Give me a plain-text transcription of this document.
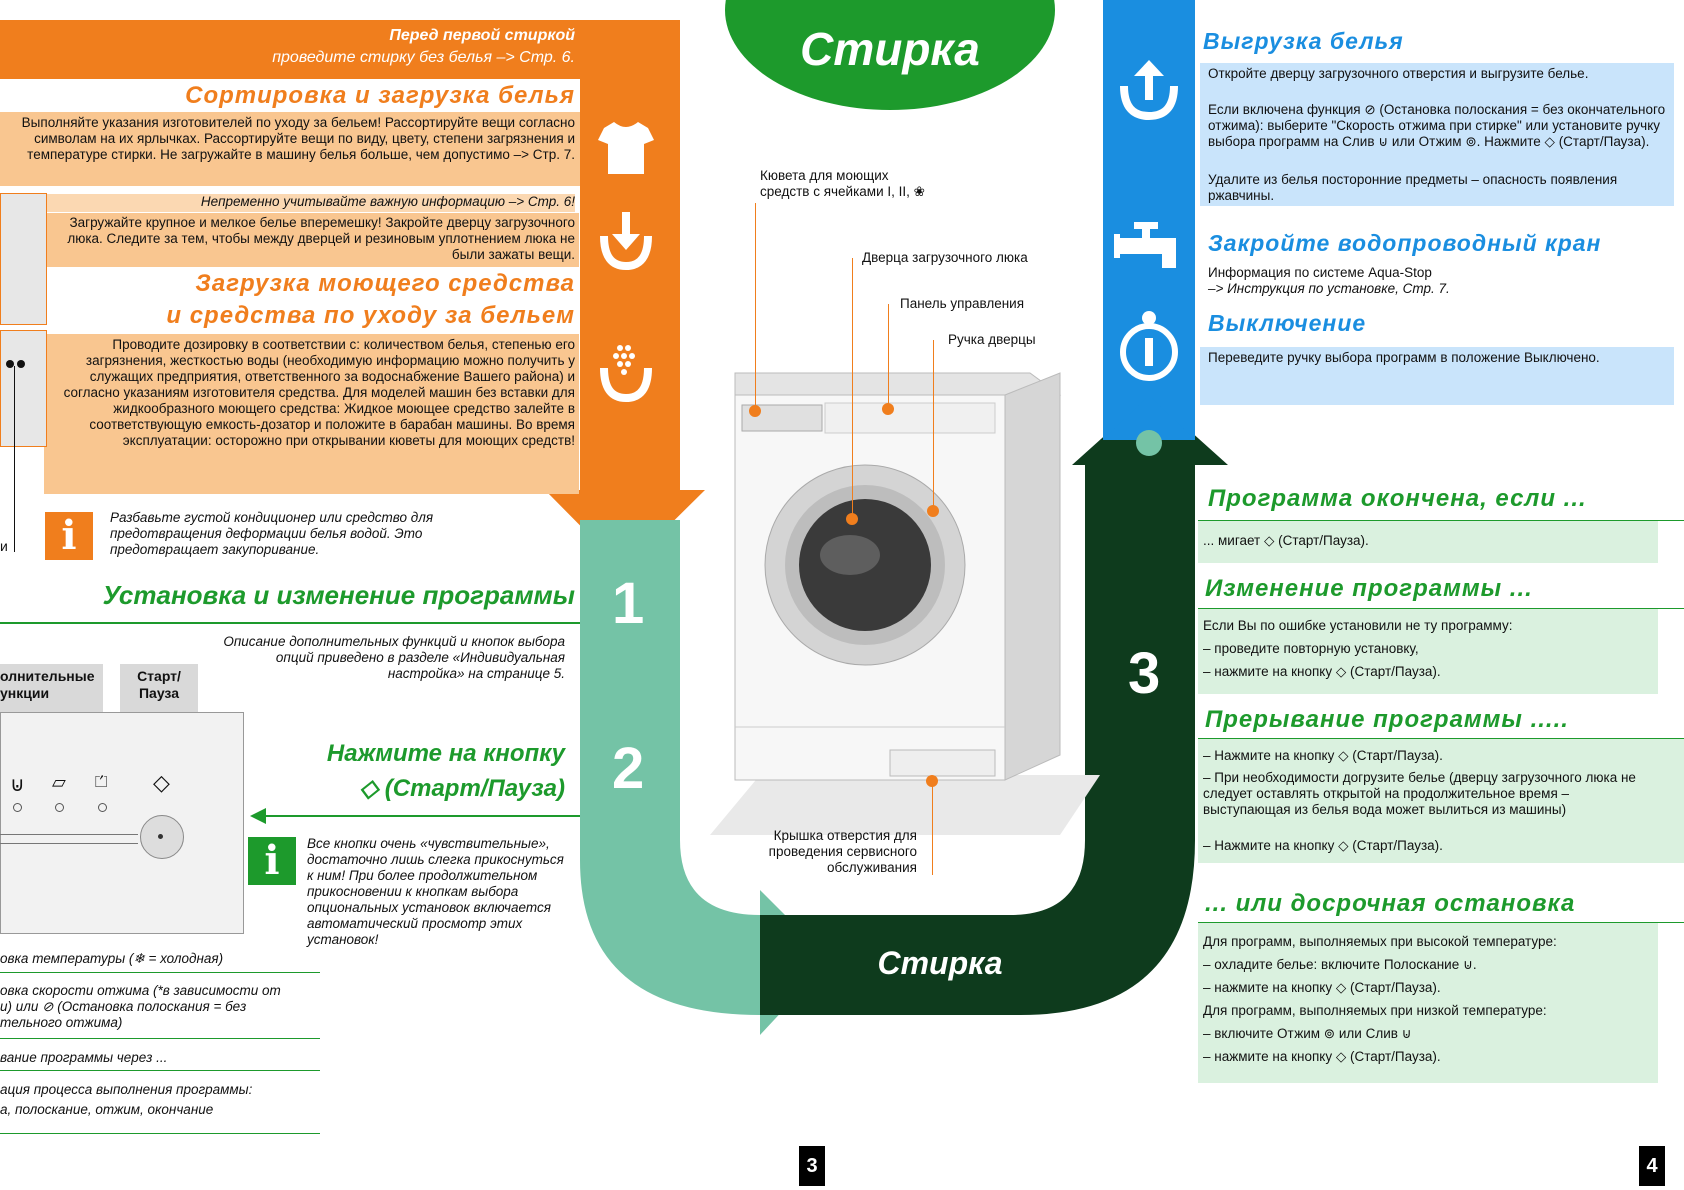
Перед первой стиркой
проведите стирку без белья –> Стр. 6.
Сортировка и загрузка белья
Выполняйте указания изготовителей по уходу за бельем! Рассортируйте вещи согласно символам на их ярлычках. Рассортируйте вещи по виду, цвету, степени загрязнения и температуре стирки. Не загружайте в машину белья больше, чем допустимо –> Стр. 7.
Непременно учитывайте важную информацию –> Стр. 6!
Загружайте крупное и мелкое белье вперемешку! Закройте дверцу загрузочного люка. Следите за тем, чтобы между дверцей и резиновым уплотнением люка не были зажаты вещи.
Загрузка моющего средства
и средства по уходу за бельем
Проводите дозировку в соответствии с: количеством белья, степенью его загрязнения, жесткостью воды (необходимую информацию можно получить у служащих предприятия, ответственного за водоснабжение Вашего района) и согласно указаниям изготовителя средства. Для моделей машин без вставки для жидкообразного моющего средства: Жидкое моющее средство залейте в соответствующую емкость-дозатор и положите в барабан машины. Во время эксплуатации: осторожно при открывании кюветы для моющих средств!
и	i	Разбавьте густой кондиционер или средство для предотвращения деформации белья водой. Это предотвращает закупоривание.
Установка и изменение программы
Описание дополнительных функций и кнопок выбора опций приведено в разделе «Индивидуальная настройка» на странице 5.
олнительные
ункции
Старт/
Пауза
⊍ ▱ ⏍ ◇
Нажмите на кнопку
◇ (Старт/Пауза)
i	Все кнопки очень «чувствительные», достаточно лишь слегка прикоснуться к ним! При более продолжительном прикосновении к кнопкам выбора опциональных установок включается автоматический просмотр этих установок!
овка температуры (❄ = холодная)
овка скорости отжима (*в зависимости от
и) или ⊘ (Остановка полоскания = без
тельного отжима)
вание программы через ...
ация процесса выполнения программы:
а, полоскание, отжим, окончание
1
2
3
Стирка
Стирка
Кювета для моющих
средств с ячейками I, II, ❀
Дверца загрузочного люка
Панель управления
Ручка дверцы
Крышка отверстия для
проведения сервисного
обслуживания
3	4
Выгрузка белья
Откройте дверцу загрузочного отверстия и выгрузите белье.
Если включена функция ⊘ (Остановка полоскания = без окончательного отжима): выберите "Скорость отжима при стирке" или установите ручку выбора программ на Слив ⊍ или Отжим ⊚. Нажмите ◇ (Старт/Пауза).
Удалите из белья посторонние предметы – опасность появления ржавчины.
Закройте водопроводный кран
Информация по системе Aqua-Stop
–> Инструкция по установке, Стр. 7.
Выключение
Переведите ручку выбора программ в положение Выключено.
Программа окончена, если ...
... мигает ◇ (Старт/Пауза).
Изменение программы ...
Если Вы по ошибке установили не ту программу:
– проведите повторную установку,
– нажмите на кнопку ◇ (Старт/Пауза).
Прерывание программы .....
– Нажмите на кнопку ◇ (Старт/Пауза).
– При необходимости догрузите белье (дверцу загрузочного люка не следует оставлять открытой на продолжительное время – выступающая из белья вода может вылиться из машины)
– Нажмите на кнопку ◇ (Старт/Пауза).
... или досрочная остановка
Для программ, выполняемых при высокой температуре:
– охладите белье: включите Полоскание ⊍.
– нажмите на кнопку ◇ (Старт/Пауза).
Для программ, выполняемых при низкой температуре:
– включите Отжим ⊚ или Слив ⊍
– нажмите на кнопку ◇ (Старт/Пауза).
